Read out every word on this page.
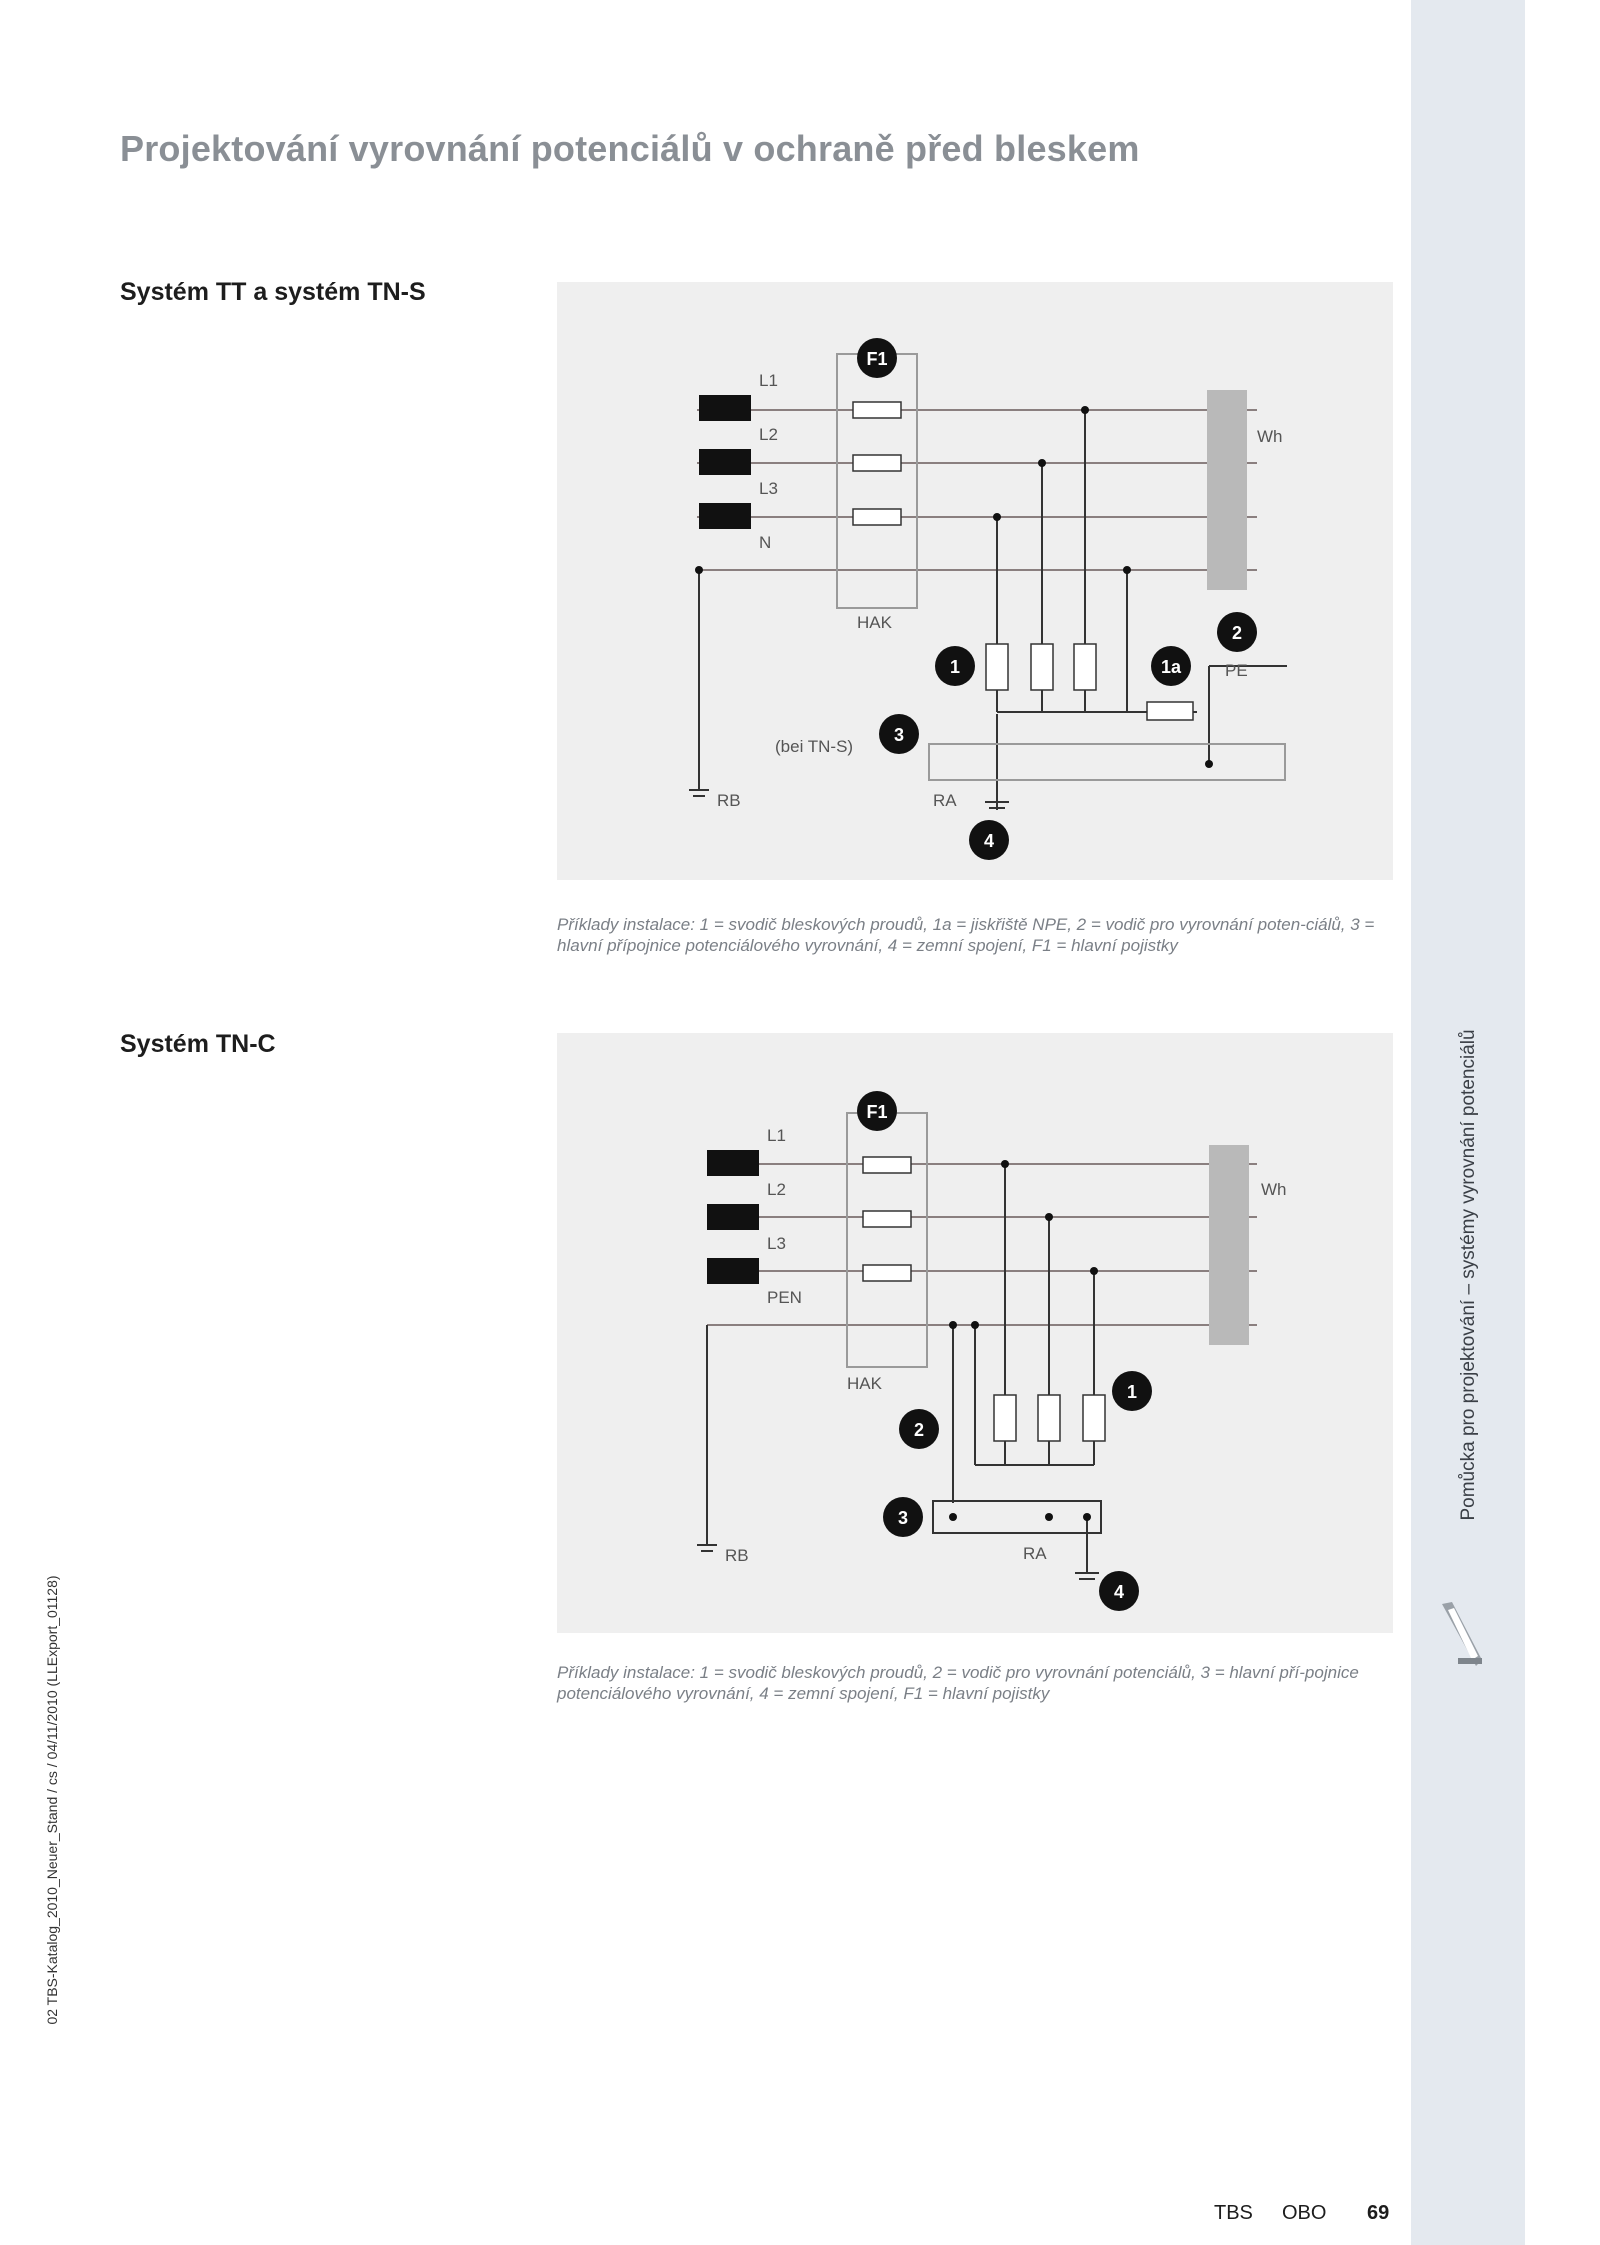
Projektování vyrovnání potenciálů v ochraně před bleskem
Systém TT a systém TN-S
L1
L2
L3
N
HAK
Wh
PE
(bei TN-S)
RB	RA
F1
1	1a
2
3
4

Příklady instalace: 1 = svodič bleskových proudů, 1a = jiskřiště NPE, 2 = vodič pro vyrovnání poten-ciálů, 3 = hlavní přípojnice potenciálového vyrovnání, 4 = zemní spojení, F1 = hlavní pojistky

Systém TN-C
L1
L2
L3
PEN
HAK
Wh
RB	RA
F1
1
2
3
4

Příklady instalace: 1 = svodič bleskových proudů, 2 = vodič pro vyrovnání potenciálů, 3 = hlavní pří-pojnice potenciálového vyrovnání, 4 = zemní spojení, F1 = hlavní pojistky

Pomůcka pro projektování – systémy vyrovnání potenciálů
02 TBS-Katalog_2010_Neuer_Stand / cs / 04/11/2010 (LLExport_01128)
TBS OBO 69
